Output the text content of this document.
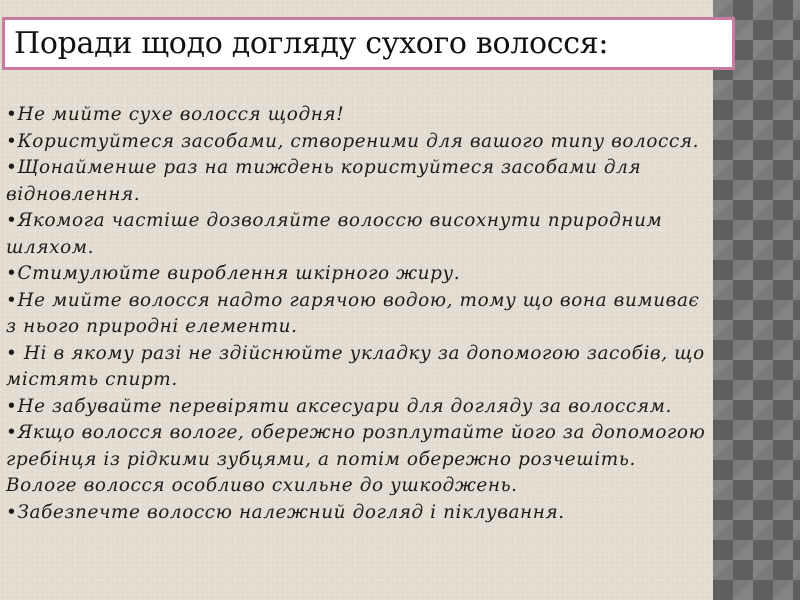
Поради щодо догляду сухого волосся:
•Не мийте сухе волосся щодня!
•Користуйтеся засобами, створеними для вашого типу волосся.
•Щонайменше раз на тиждень користуйтеся засобами для відновлення.
•Якомога частіше дозволяйте волоссю висохнути природним шляхом.
•Стимулюйте вироблення шкірного жиру.
•Не мийте волосся надто гарячою водою, тому що вона вимиває з нього природні елементи.
• Ні в якому разі не здійснюйте укладку за допомогою засобів, що містять спирт.
•Не забувайте перевіряти аксесуари для догляду за волоссям.
•Якщо волосся вологе, обережно розплутайте його за допомогою гребінця із рідкими зубцями, а потім обережно розчешіть. Вологе волосся особливо схильне до ушкоджень.
•Забезпечте волоссю належний догляд і піклування.
